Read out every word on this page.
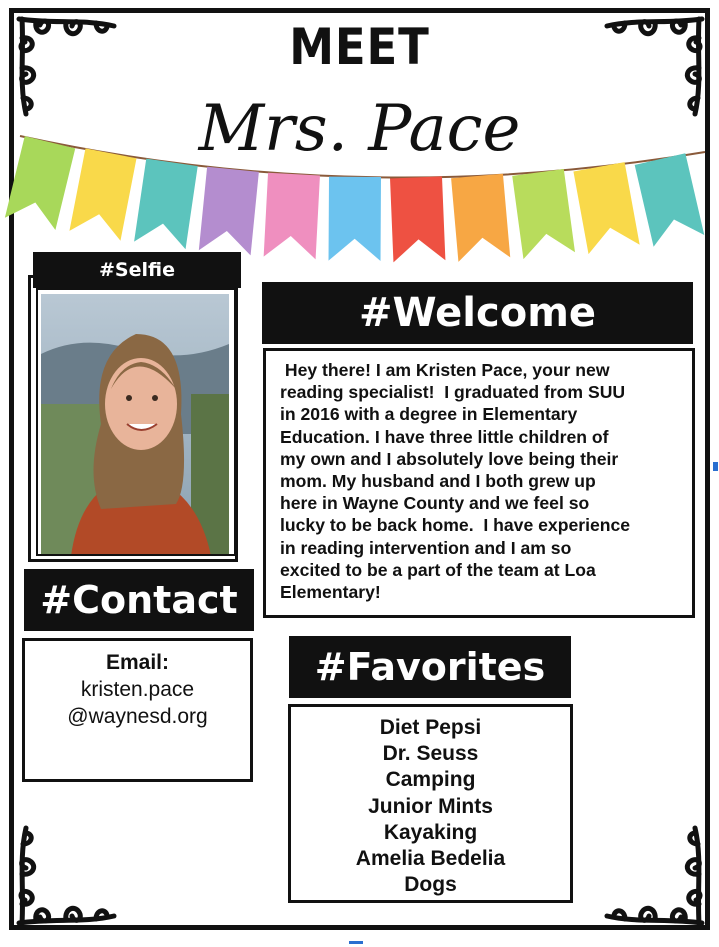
MEET
Mrs. Pace
#Selfie
#Welcome
Hey there! I am Kristen Pace, your new
reading specialist!  I graduated from SUU
in 2016 with a degree in Elementary
Education. I have three little children of
my own and I absolutely love being their
mom. My husband and I both grew up
here in Wayne County and we feel so
lucky to be back home.  I have experience
in reading intervention and I am so
excited to be a part of the team at Loa
Elementary!
#Contact
Email:
kristen.pace
@waynesd.org
#Favorites
Diet Pepsi
Dr. Seuss
Camping
Junior Mints
Kayaking
Amelia Bedelia
Dogs
